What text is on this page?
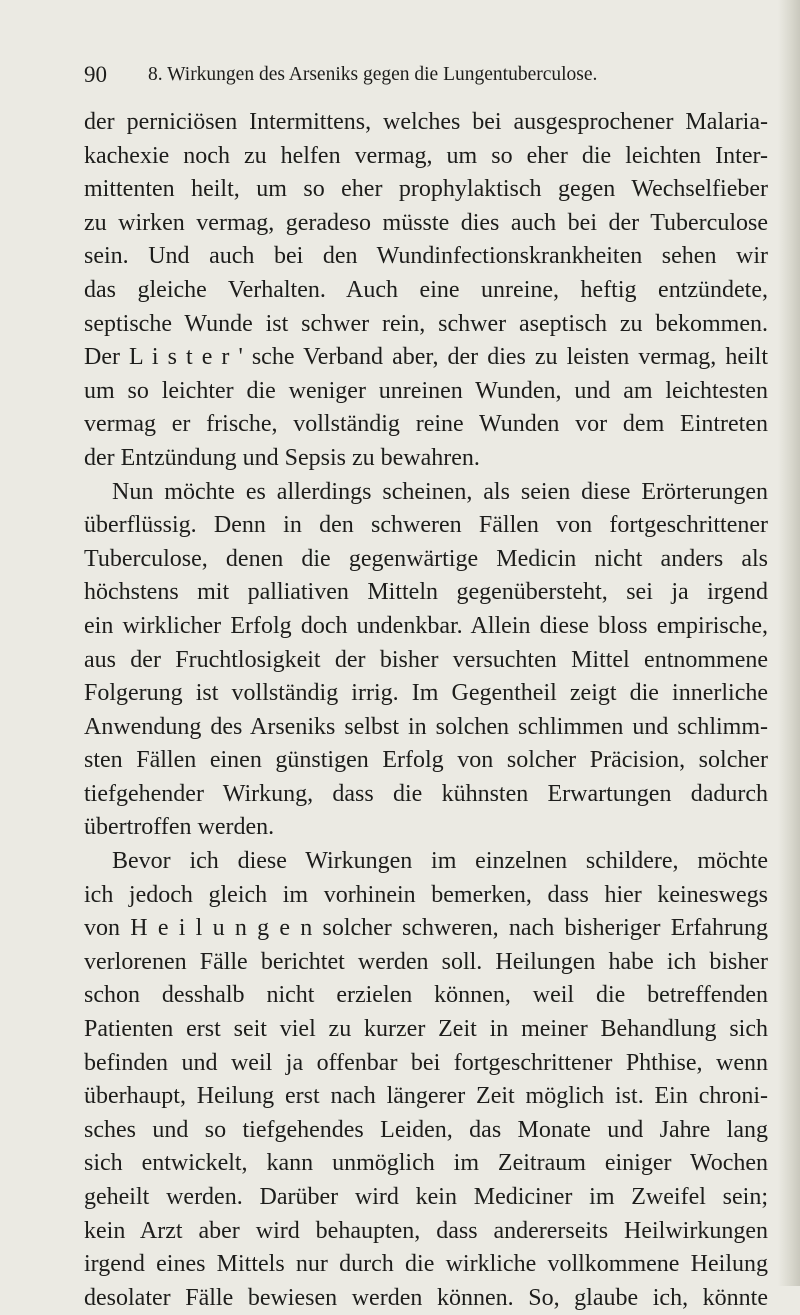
90 8. Wirkungen des Arseniks gegen die Lungentuberculose.
der perniciösen Intermittens, welches bei ausgesprochener Malaria-
kachexie noch zu helfen vermag, um so eher die leichten Inter-
mittenten heilt, um so eher prophylaktisch gegen Wechselfieber
zu wirken vermag, geradeso müsste dies auch bei der Tuberculose
sein. Und auch bei den Wundinfectionskrankheiten sehen wir
das gleiche Verhalten. Auch eine unreine, heftig entzündete,
septische Wunde ist schwer rein, schwer aseptisch zu bekommen.
Der L i s t e r ' sche Verband aber, der dies zu leisten vermag, heilt
um so leichter die weniger unreinen Wunden, und am leichtesten
vermag er frische, vollständig reine Wunden vor dem Eintreten
der Entzündung und Sepsis zu bewahren.
Nun möchte es allerdings scheinen, als seien diese Erörterungen
überflüssig. Denn in den schweren Fällen von fortgeschrittener
Tuberculose, denen die gegenwärtige Medicin nicht anders als
höchstens mit palliativen Mitteln gegenübersteht, sei ja irgend
ein wirklicher Erfolg doch undenkbar. Allein diese bloss empirische,
aus der Fruchtlosigkeit der bisher versuchten Mittel entnommene
Folgerung ist vollständig irrig. Im Gegentheil zeigt die innerliche
Anwendung des Arseniks selbst in solchen schlimmen und schlimm-
sten Fällen einen günstigen Erfolg von solcher Präcision, solcher
tiefgehender Wirkung, dass die kühnsten Erwartungen dadurch
übertroffen werden.
Bevor ich diese Wirkungen im einzelnen schildere, möchte
ich jedoch gleich im vorhinein bemerken, dass hier keineswegs
von H e i l u n g e n solcher schweren, nach bisheriger Erfahrung
verlorenen Fälle berichtet werden soll. Heilungen habe ich bisher
schon desshalb nicht erzielen können, weil die betreffenden
Patienten erst seit viel zu kurzer Zeit in meiner Behandlung sich
befinden und weil ja offenbar bei fortgeschrittener Phthise, wenn
überhaupt, Heilung erst nach längerer Zeit möglich ist. Ein chroni-
sches und so tiefgehendes Leiden, das Monate und Jahre lang
sich entwickelt, kann unmöglich im Zeitraum einiger Wochen
geheilt werden. Darüber wird kein Mediciner im Zweifel sein;
kein Arzt aber wird behaupten, dass andererseits Heilwirkungen
irgend eines Mittels nur durch die wirkliche vollkommene Heilung
desolater Fälle bewiesen werden können. So, glaube ich, könnte
